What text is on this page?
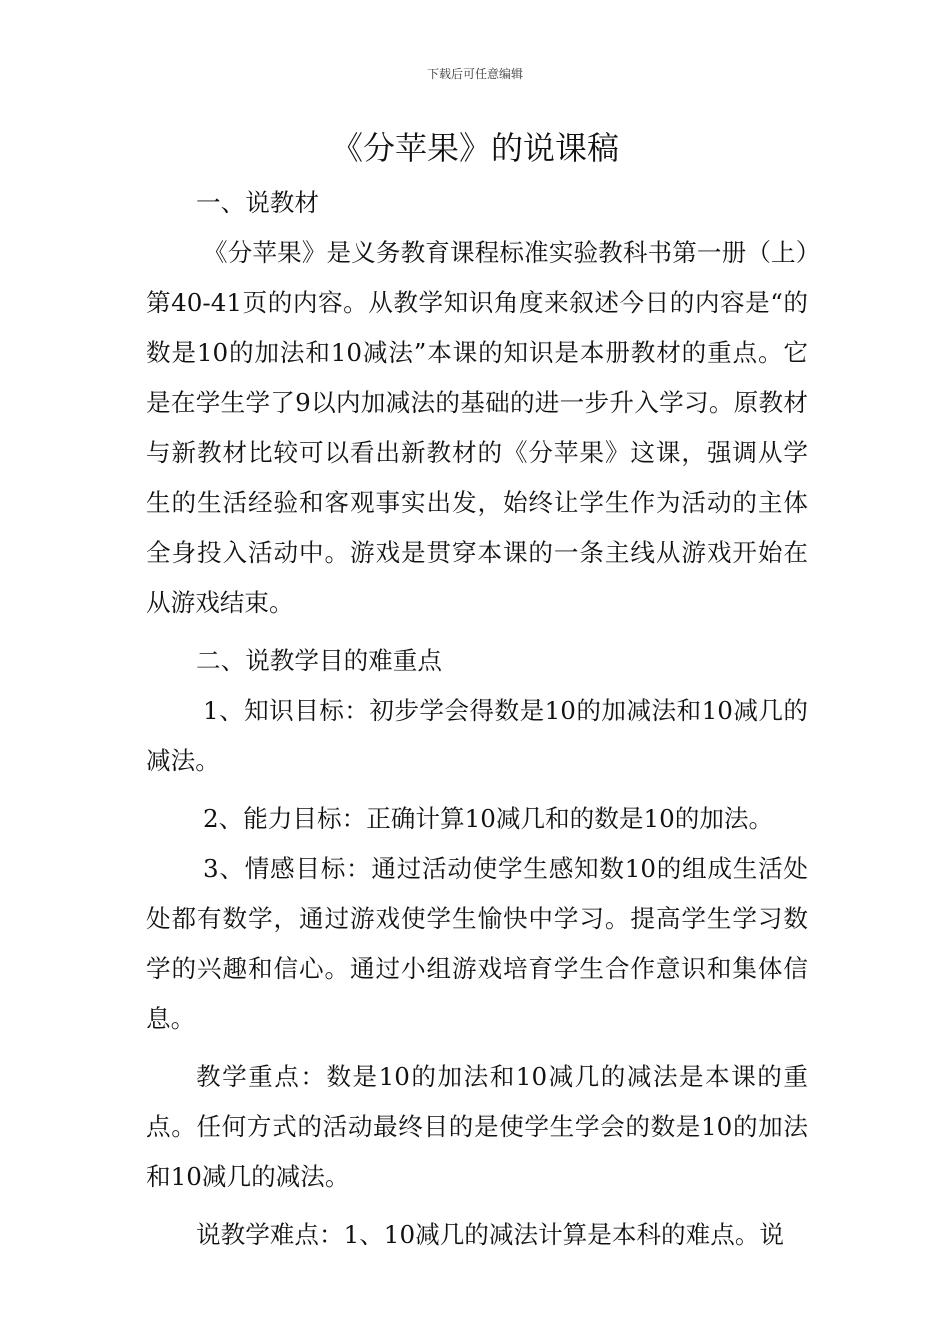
下载后可任意编辑
《分苹果》的说课稿

一、说教材

《分苹果》是义务教育课程标准实验教科书第一册（上）第40-41页的内容。从教学知识角度来叙述今日的内容是“的数是10的加法和10减法”本课的知识是本册教材的重点。它是在学生学了9以内加减法的基础的进一步升入学习。原教材与新教材比较可以看出新教材的《分苹果》这课，强调从学生的生活经验和客观事实出发，始终让学生作为活动的主体全身投入活动中。游戏是贯穿本课的一条主线从游戏开始在从游戏结束。

二、说教学目的难重点

1、知识目标：初步学会得数是10的加减法和10减几的减法。

2、能力目标：正确计算10减几和的数是10的加法。

3、情感目标：通过活动使学生感知数10的组成生活处处都有数学，通过游戏使学生愉快中学习。提高学生学习数学的兴趣和信心。通过小组游戏培育学生合作意识和集体信息。

教学重点：数是10的加法和10减几的减法是本课的重点。任何方式的活动最终目的是使学生学会的数是10的加法和10减几的减法。

说教学难点：1、10减几的减法计算是本科的难点。说
